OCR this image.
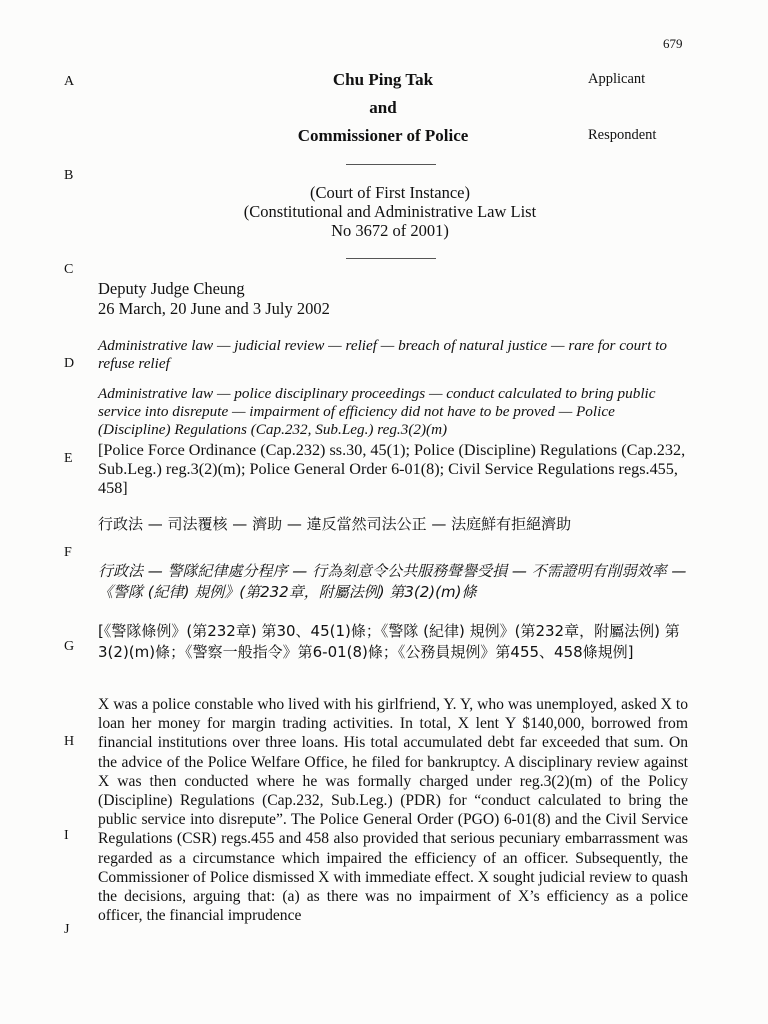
679
A
B
C
D
E
F
G
H
I
J
Chu Ping Tak	Applicant
and
Commissioner of Police	Respondent
(Court of First Instance)
(Constitutional and Administrative Law List
No 3672 of 2001)
Deputy Judge Cheung
26 March, 20 June and 3 July 2002
Administrative law — judicial review — relief — breach of natural justice — rare for court to refuse relief
Administrative law — police disciplinary proceedings — conduct calculated to bring public service into disrepute — impairment of efficiency did not have to be proved — Police (Discipline) Regulations (Cap.232, Sub.Leg.) reg.3(2)(m)
[Police Force Ordinance (Cap.232) ss.30, 45(1); Police (Discipline) Regulations (Cap.232, Sub.Leg.) reg.3(2)(m); Police General Order 6-01(8); Civil Service Regulations regs.455, 458]
行政法 — 司法覆核 — 濟助 — 違反當然司法公正 — 法庭鮮有拒絕濟助
行政法 — 警隊紀律處分程序 — 行為刻意令公共服務聲譽受損 — 不需證明有削弱效率 —《警隊 (紀律) 規例》(第232章，附屬法例) 第3(2)(m)條
[《警隊條例》(第232章) 第30、45(1)條；《警隊 (紀律) 規例》(第232章，附屬法例) 第3(2)(m)條；《警察一般指令》第6-01(8)條；《公務員規例》第455、458條規例]
X was a police constable who lived with his girlfriend, Y. Y, who was unemployed, asked X to loan her money for margin trading activities. In total, X lent Y $140,000, borrowed from financial institutions over three loans. His total accumulated debt far exceeded that sum. On the advice of the Police Welfare Office, he filed for bankruptcy. A disciplinary review against X was then conducted where he was formally charged under reg.3(2)(m) of the Policy (Discipline) Regulations (Cap.232, Sub.Leg.) (PDR) for “conduct calculated to bring the public service into disrepute”. The Police General Order (PGO) 6-01(8) and the Civil Service Regulations (CSR) regs.455 and 458 also provided that serious pecuniary embarrassment was regarded as a circumstance which impaired the efficiency of an officer. Subsequently, the Commissioner of Police dismissed X with immediate effect. X sought judicial review to quash the decisions, arguing that: (a) as there was no impairment of X’s efficiency as a police officer, the financial imprudence
